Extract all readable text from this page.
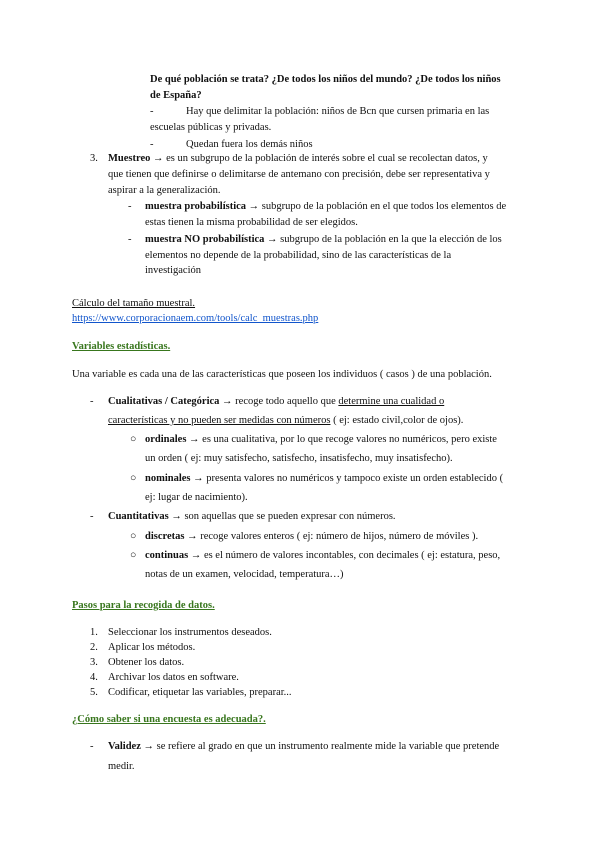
De qué población se trata? ¿De todos los niños del mundo? ¿De todos los niños
de España?
-	Hay que delimitar la población: niños de Bcn que cursen primaria en las
escuelas públicas y privadas.
-	Quedan fuera los demás niños
3. Muestreo → es un subgrupo de la población de interés sobre el cual se recolectan datos, y
que tienen que definirse o delimitarse de antemano con precisión, debe ser representativa y
aspirar a la generalización.
- muestra probabilística → subgrupo de la población en el que todos los elementos de
estas tienen la misma probabilidad de ser elegidos.
- muestra NO probabilística → subgrupo de la población en la que la elección de los
elementos no depende de la probabilidad, sino de las características de la
investigación
Cálculo del tamaño muestral.
https://www.corporacionaem.com/tools/calc_muestras.php
Variables estadísticas.
Una variable es cada una de las características que poseen los individuos ( casos ) de una población.
- Cualitativas / Categórica → recoge todo aquello que determine una cualidad o
características y no pueden ser medidas con números ( ej: estado civil,color de ojos).
○ ordinales → es una cualitativa, por lo que recoge valores no numéricos, pero existe
un orden ( ej: muy satisfecho, satisfecho, insatisfecho, muy insatisfecho).
○ nominales → presenta valores no numéricos y tampoco existe un orden establecido (
ej: lugar de nacimiento).
- Cuantitativas → son aquellas que se pueden expresar con números.
○ discretas → recoge valores enteros ( ej: número de hijos, número de móviles ).
○ continuas → es el número de valores incontables, con decimales ( ej: estatura, peso,
notas de un examen, velocidad, temperatura…)
Pasos para la recogida de datos.
1. Seleccionar los instrumentos deseados.
2. Aplicar los métodos.
3. Obtener los datos.
4. Archivar los datos en software.
5. Codificar, etiquetar las variables, preparar...
¿Cómo saber si una encuesta es adecuada?.
- Validez → se refiere al grado en que un instrumento realmente mide la variable que pretende
medir.
